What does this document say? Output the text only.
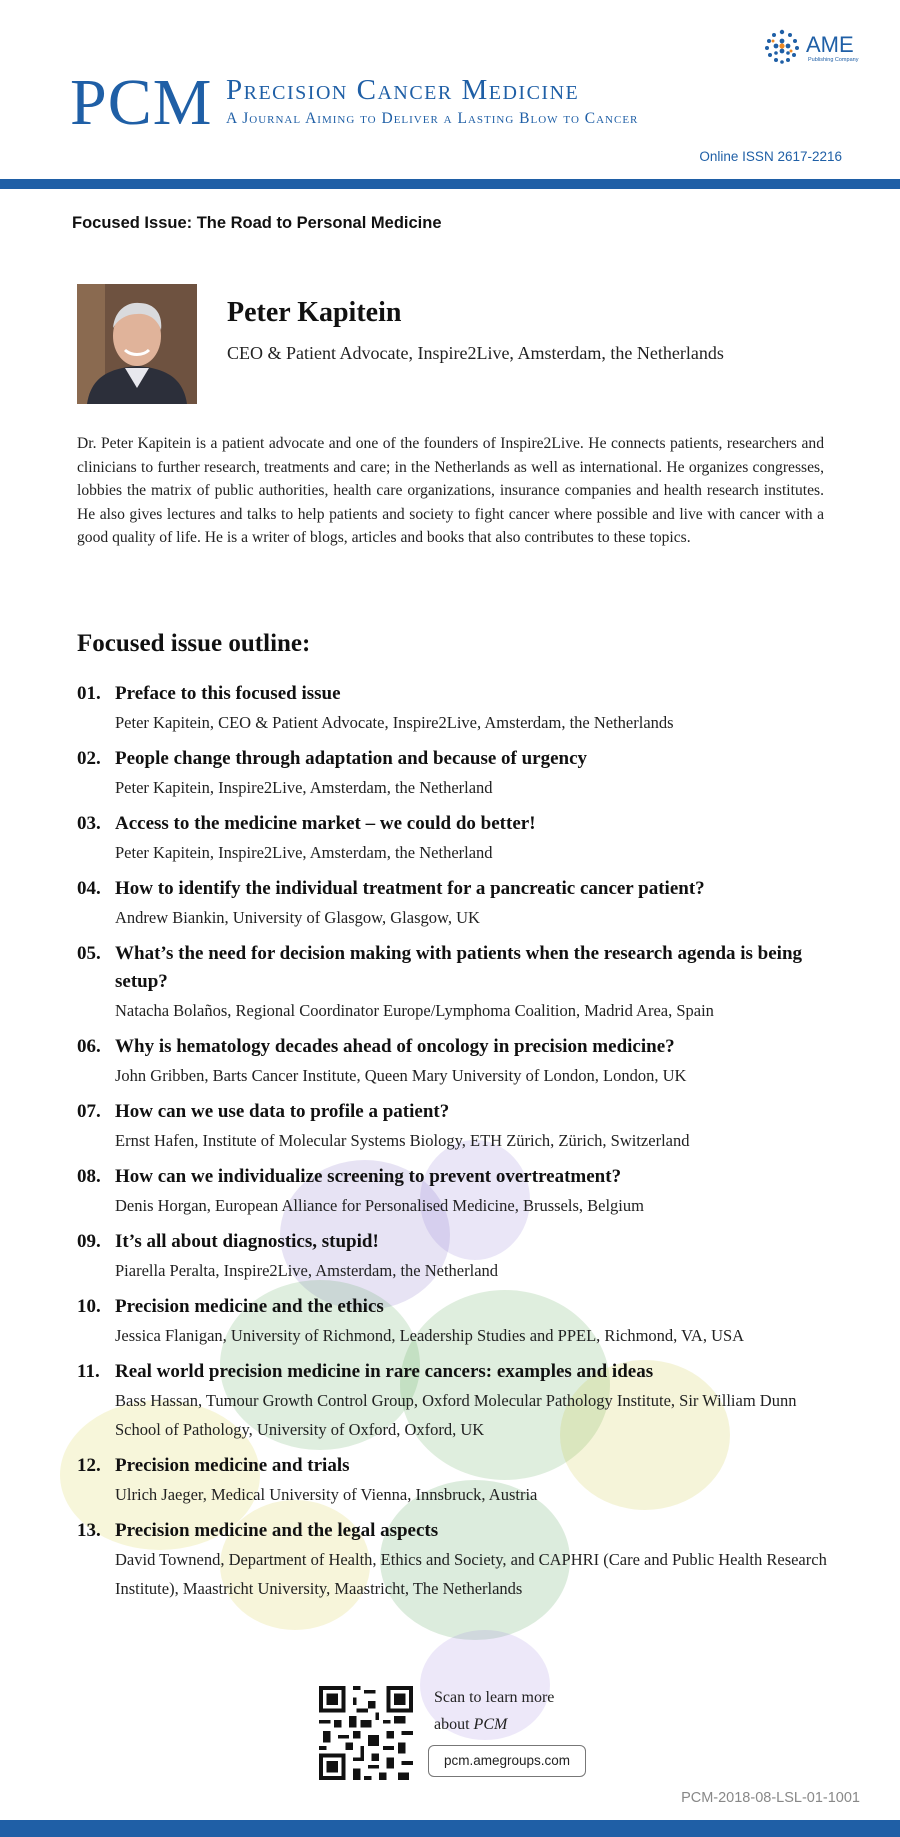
PCM Precision Cancer Medicine
A Journal Aiming to Deliver a Lasting Blow to Cancer
AME
Publishing Company
Online ISSN 2617-2216
Focused Issue: The Road to Personal Medicine
Peter Kapitein
CEO & Patient Advocate, Inspire2Live, Amsterdam, the Netherlands
Dr. Peter Kapitein is a patient advocate and one of the founders of Inspire2Live. He connects patients, researchers and clinicians to further research, treatments and care; in the Netherlands as well as international. He organizes congresses, lobbies the matrix of public authorities, health care organizations, insurance companies and health research institutes. He also gives lectures and talks to help patients and society to fight cancer where possible and live with cancer with a good quality of life. He is a writer of blogs, articles and books that also contributes to these topics.
Focused issue outline:
01. Preface to this focused issue
Peter Kapitein, CEO & Patient Advocate, Inspire2Live, Amsterdam, the Netherlands
02. People change through adaptation and because of urgency
Peter Kapitein, Inspire2Live, Amsterdam, the Netherland
03. Access to the medicine market – we could do better!
Peter Kapitein, Inspire2Live, Amsterdam, the Netherland
04. How to identify the individual treatment for a pancreatic cancer patient?
Andrew Biankin, University of Glasgow, Glasgow, UK
05. What’s the need for decision making with patients when the research agenda is being setup?
Natacha Bolaños, Regional Coordinator Europe/Lymphoma Coalition, Madrid Area, Spain
06. Why is hematology decades ahead of oncology in precision medicine?
John Gribben, Barts Cancer Institute, Queen Mary University of London, London, UK
07. How can we use data to profile a patient?
Ernst Hafen, Institute of Molecular Systems Biology, ETH Zürich, Zürich, Switzerland
08. How can we individualize screening to prevent overtreatment?
Denis Horgan, European Alliance for Personalised Medicine, Brussels, Belgium
09. It’s all about diagnostics, stupid!
Piarella Peralta, Inspire2Live, Amsterdam, the Netherland
10. Precision medicine and the ethics
Jessica Flanigan, University of Richmond, Leadership Studies and PPEL, Richmond, VA, USA
11. Real world precision medicine in rare cancers: examples and ideas
Bass Hassan, Tumour Growth Control Group, Oxford Molecular Pathology Institute, Sir William Dunn School of Pathology, University of Oxford, Oxford, UK
12. Precision medicine and trials
Ulrich Jaeger, Medical University of Vienna, Innsbruck, Austria
13. Precision medicine and the legal aspects
David Townend, Department of Health, Ethics and Society, and CAPHRI (Care and Public Health Research Institute), Maastricht University, Maastricht, The Netherlands
Scan to learn more
about PCM
pcm.amegroups.com
PCM-2018-08-LSL-01-1001
